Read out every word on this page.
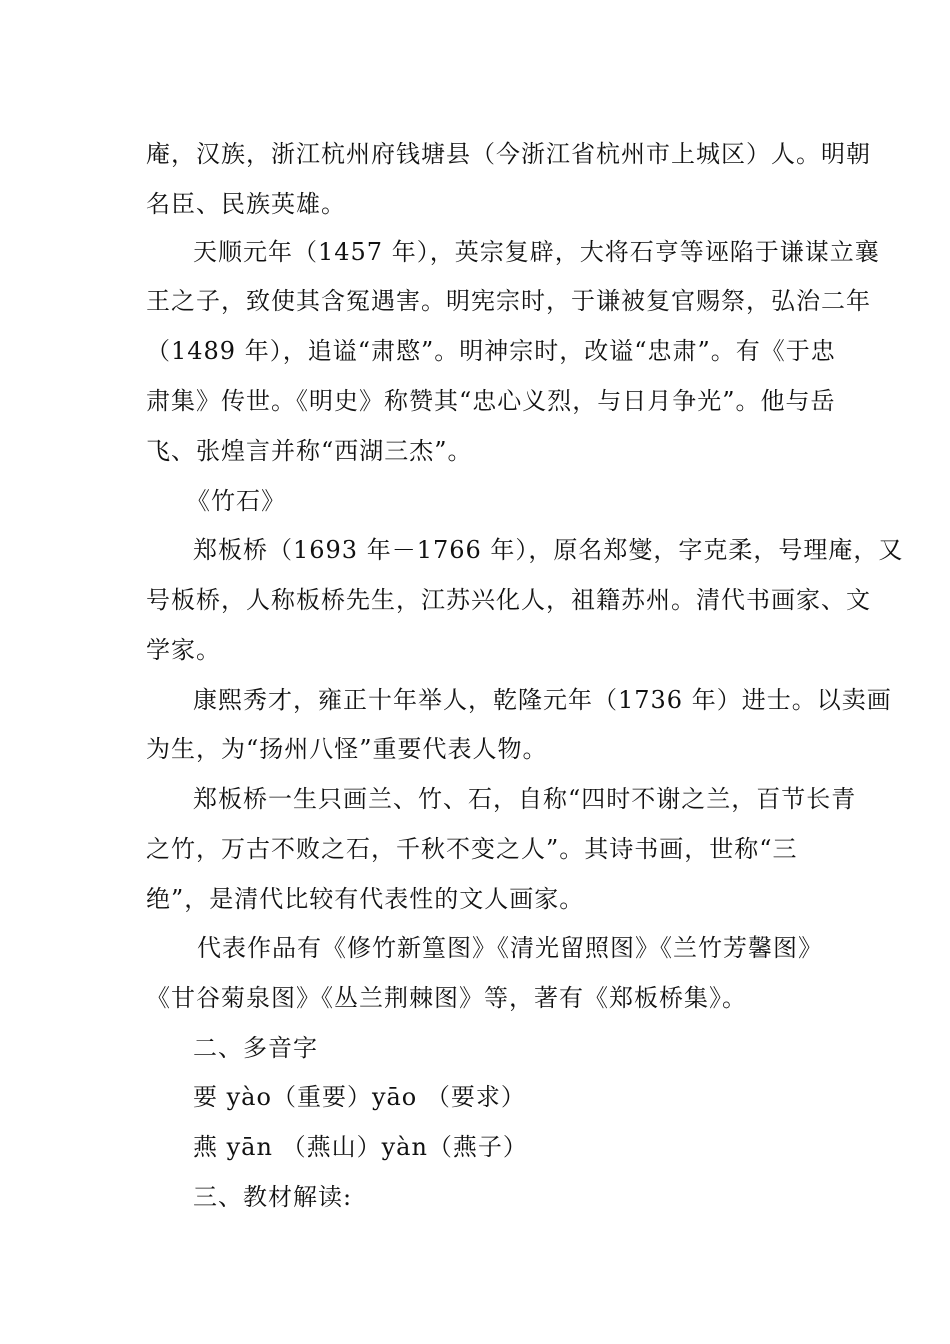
庵，汉族，浙江杭州府钱塘县（今浙江省杭州市上城区）人。明朝
名臣、民族英雄。
天顺元年（1457 年），英宗复辟，大将石亨等诬陷于谦谋立襄
王之子，致使其含冤遇害。明宪宗时，于谦被复官赐祭，弘治二年
（1489 年），追谥“肃愍”。明神宗时，改谥“忠肃”。有《于忠
肃集》传世。《明史》称赞其“忠心义烈，与日月争光”。他与岳
飞、张煌言并称“西湖三杰”。
《竹石》
郑板桥（1693 年－1766 年），原名郑燮，字克柔，号理庵，又
号板桥，人称板桥先生，江苏兴化人，祖籍苏州。清代书画家、文
学家。
康熙秀才，雍正十年举人，乾隆元年（1736 年）进士。以卖画
为生，为“扬州八怪”重要代表人物。
郑板桥一生只画兰、竹、石，自称“四时不谢之兰，百节长青
之竹，万古不败之石，千秋不变之人”。其诗书画，世称“三
绝”，是清代比较有代表性的文人画家。
代表作品有《修竹新篁图》《清光留照图》《兰竹芳馨图》
《甘谷菊泉图》《丛兰荆棘图》等，著有《郑板桥集》。
二、多音字
要 yào（重要）yāo （要求）
燕 yān （燕山）yàn（燕子）
三、教材解读:
